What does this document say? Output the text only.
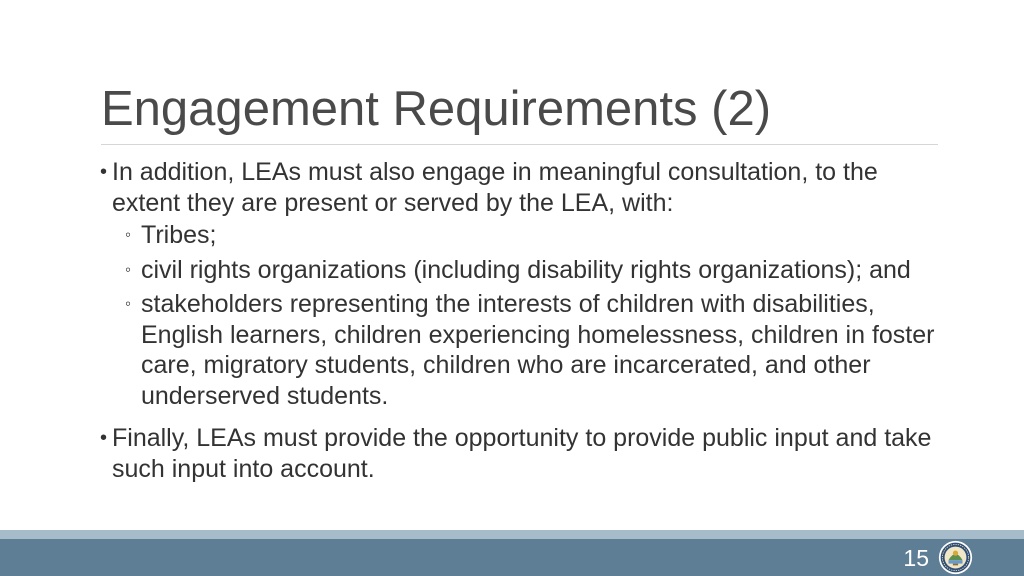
Engagement Requirements (2)
• In addition, LEAs must also engage in meaningful consultation, to the extent they are present or served by the LEA, with:
◦ Tribes;
◦ civil rights organizations (including disability rights organizations); and
◦ stakeholders representing the interests of children with disabilities, English learners, children experiencing homelessness, children in foster care, migratory students, children who are incarcerated, and other underserved students.
• Finally, LEAs must provide the opportunity to provide public input and take such input into account.
15
